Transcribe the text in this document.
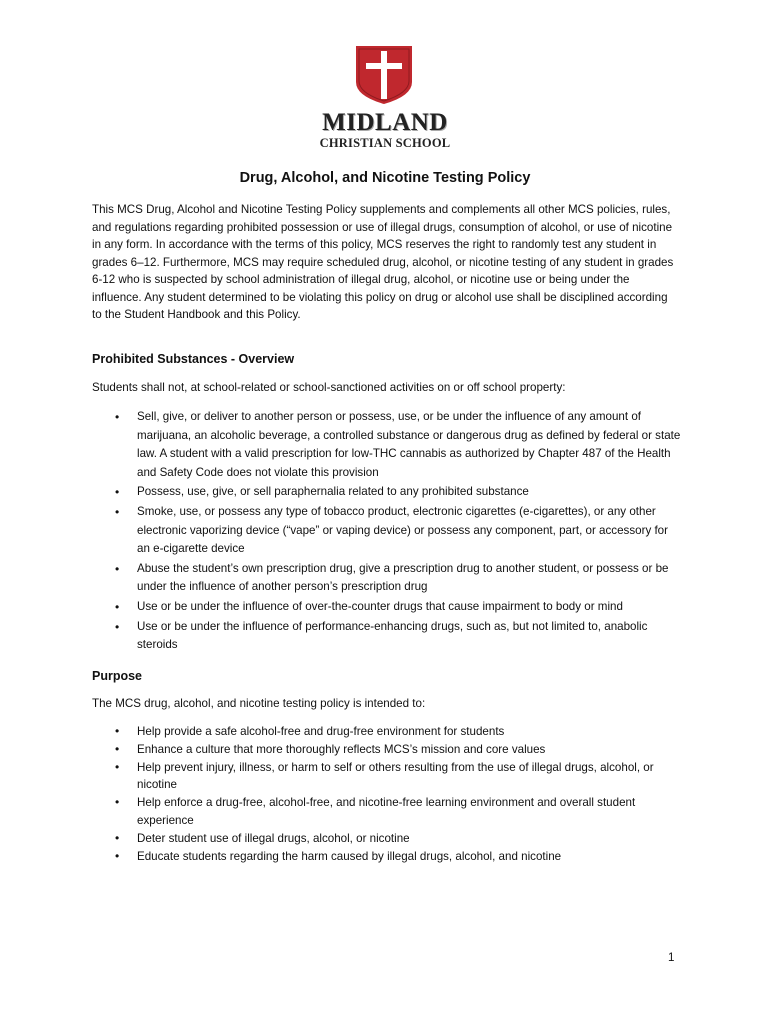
MIDLAND
CHRISTIAN SCHOOL
Drug, Alcohol, and Nicotine Testing Policy

This MCS Drug, Alcohol and Nicotine Testing Policy supplements and complements all other MCS policies, rules, and regulations regarding prohibited possession or use of illegal drugs, consumption of alcohol, or use of nicotine in any form. In accordance with the terms of this policy, MCS reserves the right to randomly test any student in grades 6–12. Furthermore, MCS may require scheduled drug, alcohol, or nicotine testing of any student in grades 6-12 who is suspected by school administration of illegal drug, alcohol, or nicotine use or being under the influence. Any student determined to be violating this policy on drug or alcohol use shall be disciplined according to the Student Handbook and this Policy.

Prohibited Substances - Overview

Students shall not, at school-related or school-sanctioned activities on or off school property:

• Sell, give, or deliver to another person or possess, use, or be under the influence of any amount of marijuana, an alcoholic beverage, a controlled substance or dangerous drug as defined by federal or state law. A student with a valid prescription for low-THC cannabis as authorized by Chapter 487 of the Health and Safety Code does not violate this provision
• Possess, use, give, or sell paraphernalia related to any prohibited substance
• Smoke, use, or possess any type of tobacco product, electronic cigarettes (e-cigarettes), or any other electronic vaporizing device (“vape” or vaping device) or possess any component, part, or accessory for an e-cigarette device
• Abuse the student’s own prescription drug, give a prescription drug to another student, or possess or be under the influence of another person’s prescription drug
• Use or be under the influence of over-the-counter drugs that cause impairment to body or mind
• Use or be under the influence of performance-enhancing drugs, such as, but not limited to, anabolic steroids
Purpose

The MCS drug, alcohol, and nicotine testing policy is intended to:

• Help provide a safe alcohol-free and drug-free environment for students
• Enhance a culture that more thoroughly reflects MCS’s mission and core values
• Help prevent injury, illness, or harm to self or others resulting from the use of illegal drugs, alcohol, or nicotine
• Help enforce a drug-free, alcohol-free, and nicotine-free learning environment and overall student experience
• Deter student use of illegal drugs, alcohol, or nicotine
• Educate students regarding the harm caused by illegal drugs, alcohol, and nicotine
1
